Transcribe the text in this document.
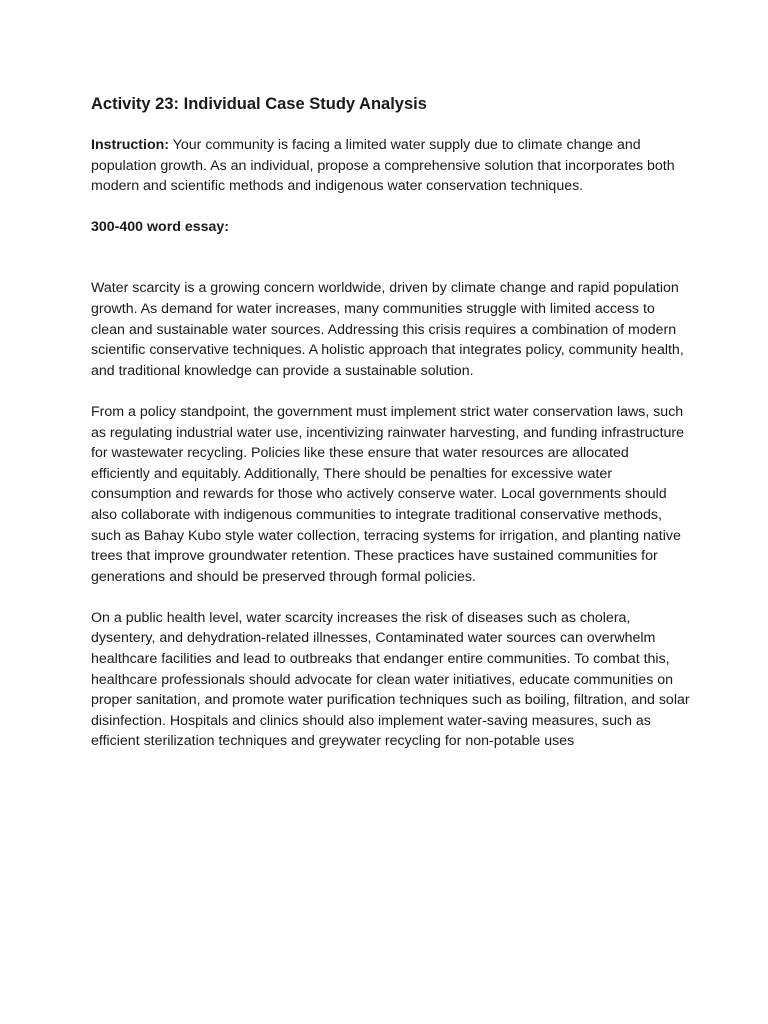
Activity 23: Individual Case Study Analysis

Instruction: Your community is facing a limited water supply due to climate change and population growth. As an individual, propose a comprehensive solution that incorporates both modern and scientific methods and indigenous water conservation techniques.

300-400 word essay:

Water scarcity is a growing concern worldwide, driven by climate change and rapid population growth. As demand for water increases, many communities struggle with limited access to clean and sustainable water sources. Addressing this crisis requires a combination of modern scientific conservative techniques. A holistic approach that integrates policy, community health, and traditional knowledge can provide a sustainable solution.

From a policy standpoint, the government must implement strict water conservation laws, such as regulating industrial water use, incentivizing rainwater harvesting, and funding infrastructure for wastewater recycling. Policies like these ensure that water resources are allocated efficiently and equitably. Additionally, There should be penalties for excessive water consumption and rewards for those who actively conserve water. Local governments should also collaborate with indigenous communities to integrate traditional conservative methods, such as Bahay Kubo style water collection, terracing systems for irrigation, and planting native trees that improve groundwater retention. These practices have sustained communities for generations and should be preserved through formal policies.

On a public health level, water scarcity increases the risk of diseases such as cholera, dysentery, and dehydration-related illnesses, Contaminated water sources can overwhelm healthcare facilities and lead to outbreaks that endanger entire communities. To combat this, healthcare professionals should advocate for clean water initiatives, educate communities on proper sanitation, and promote water purification techniques such as boiling, filtration, and solar disinfection. Hospitals and clinics should also implement water-saving measures, such as efficient sterilization techniques and greywater recycling for non-potable uses
